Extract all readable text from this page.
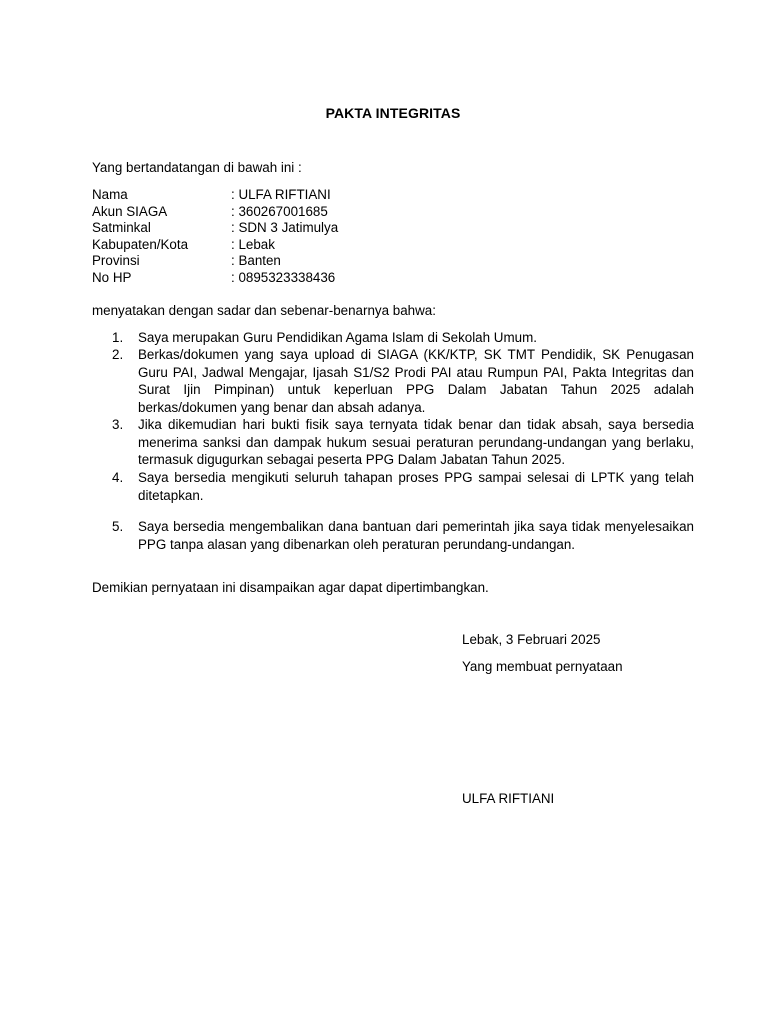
PAKTA INTEGRITAS
Yang bertandatangan di bawah ini :
Nama	: ULFA RIFTIANI
Akun SIAGA	: 360267001685
Satminkal	: SDN 3 Jatimulya
Kabupaten/Kota	: Lebak
Provinsi	: Banten
No HP	: 0895323338436
menyatakan dengan sadar dan sebenar-benarnya bahwa:
1. Saya merupakan Guru Pendidikan Agama Islam di Sekolah Umum.
2. Berkas/dokumen yang saya upload di SIAGA (KK/KTP, SK TMT Pendidik, SK Penugasan Guru PAI, Jadwal Mengajar, Ijasah S1/S2 Prodi PAI atau Rumpun PAI, Pakta Integritas dan Surat Ijin Pimpinan) untuk keperluan PPG Dalam Jabatan Tahun 2025 adalah berkas/dokumen yang benar dan absah adanya.
3. Jika dikemudian hari bukti fisik saya ternyata tidak benar dan tidak absah, saya bersedia menerima sanksi dan dampak hukum sesuai peraturan perundang-undangan yang berlaku, termasuk digugurkan sebagai peserta PPG Dalam Jabatan Tahun 2025.
4. Saya bersedia mengikuti seluruh tahapan proses PPG sampai selesai di LPTK yang telah ditetapkan.
5. Saya bersedia mengembalikan dana bantuan dari pemerintah jika saya tidak menyelesaikan PPG tanpa alasan yang dibenarkan oleh peraturan perundang-undangan.
Demikian pernyataan ini disampaikan agar dapat dipertimbangkan.
Lebak, 3 Februari 2025
Yang membuat pernyataan
ULFA RIFTIANI
